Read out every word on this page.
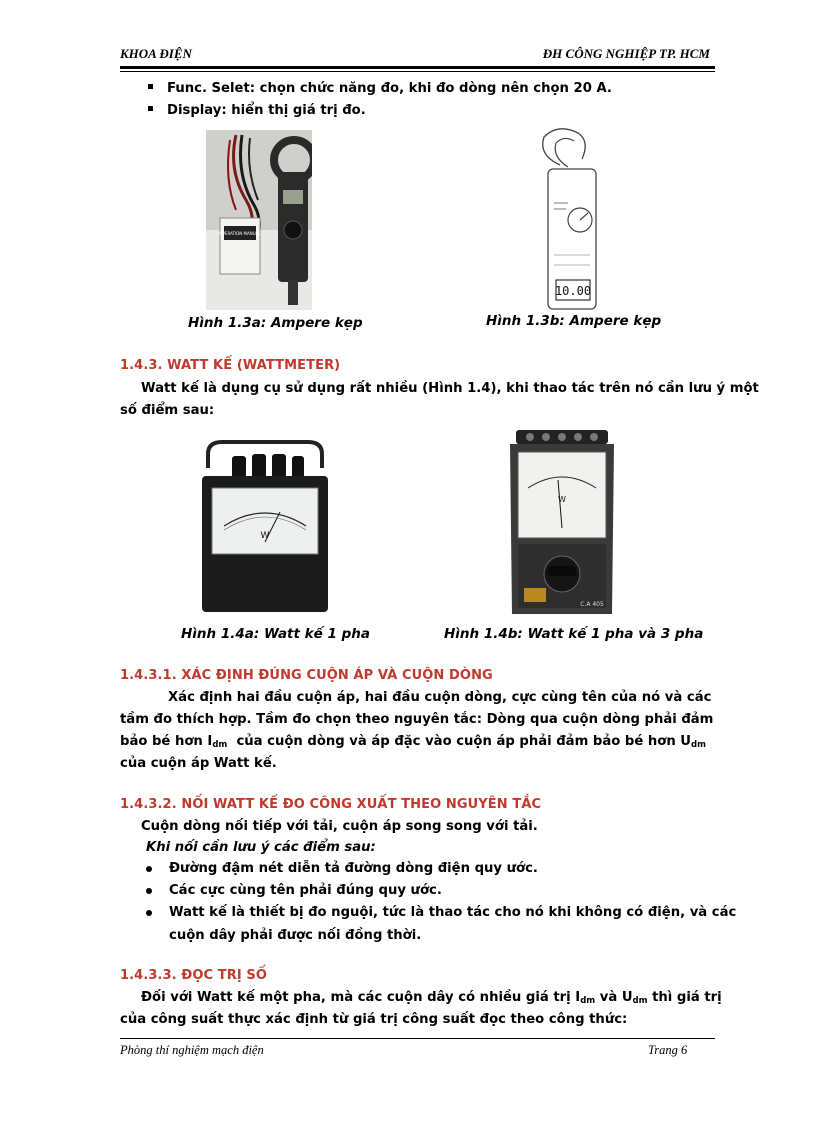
KHOA ĐIỆN	ĐH CÔNG NGHIỆP TP. HCM
Func. Selet: chọn chức năng đo, khi đo dòng nên chọn 20 A.
Display: hiển thị giá trị đo.
OPERATION MANUAL
Hình 1.3a: Ampere kẹp
10.00
Hình 1.3b: Ampere kẹp
1.4.3. WATT KẾ (WATTMETER)
Watt kế là dụng cụ sử dụng rất nhiều (Hình 1.4), khi thao tác trên nó cần lưu ý một
số điểm sau:
W
Hình 1.4a: Watt kế 1 pha
W
C.A 405
Hình 1.4b: Watt kế 1 pha và 3 pha
1.4.3.1. XÁC ĐỊNH ĐÚNG CUỘN ÁP VÀ CUỘN DÒNG
Xác định hai đầu cuộn áp, hai đầu cuộn dòng, cực cùng tên của nó và các
tầm đo thích hợp. Tầm đo chọn theo nguyên tắc: Dòng qua cuộn dòng phải đảm
bảo bé hơn $I_{dm}$  của cuộn dòng và áp đặc vào cuộn áp phải đảm bảo bé hơn $U_{dm}$
của cuộn áp Watt kế.
1.4.3.2. NỐI WATT KẾ ĐO CÔNG XUẤT THEO NGUYÊN TẮC
Cuộn dòng nối tiếp với tải, cuộn áp song song với tải.
Khi nối cần lưu ý các điểm sau:
Đường đậm nét diễn tả đường dòng điện quy ước.
Các cực cùng tên phải đúng quy ước.
Watt kế là thiết bị đo nguội, tức là thao tác cho nó khi không có điện, và các
cuộn dây phải được nối đồng thời.
1.4.3.3. ĐỌC TRỊ SỐ
Đối với Watt kế một pha, mà các cuộn dây có nhiều giá trị $I_{dm}$ và $U_{dm}$ thì giá trị
của công suất thực xác định từ giá trị công suất đọc theo công thức:
Phòng thí nghiệm mạch điện	Trang 6
